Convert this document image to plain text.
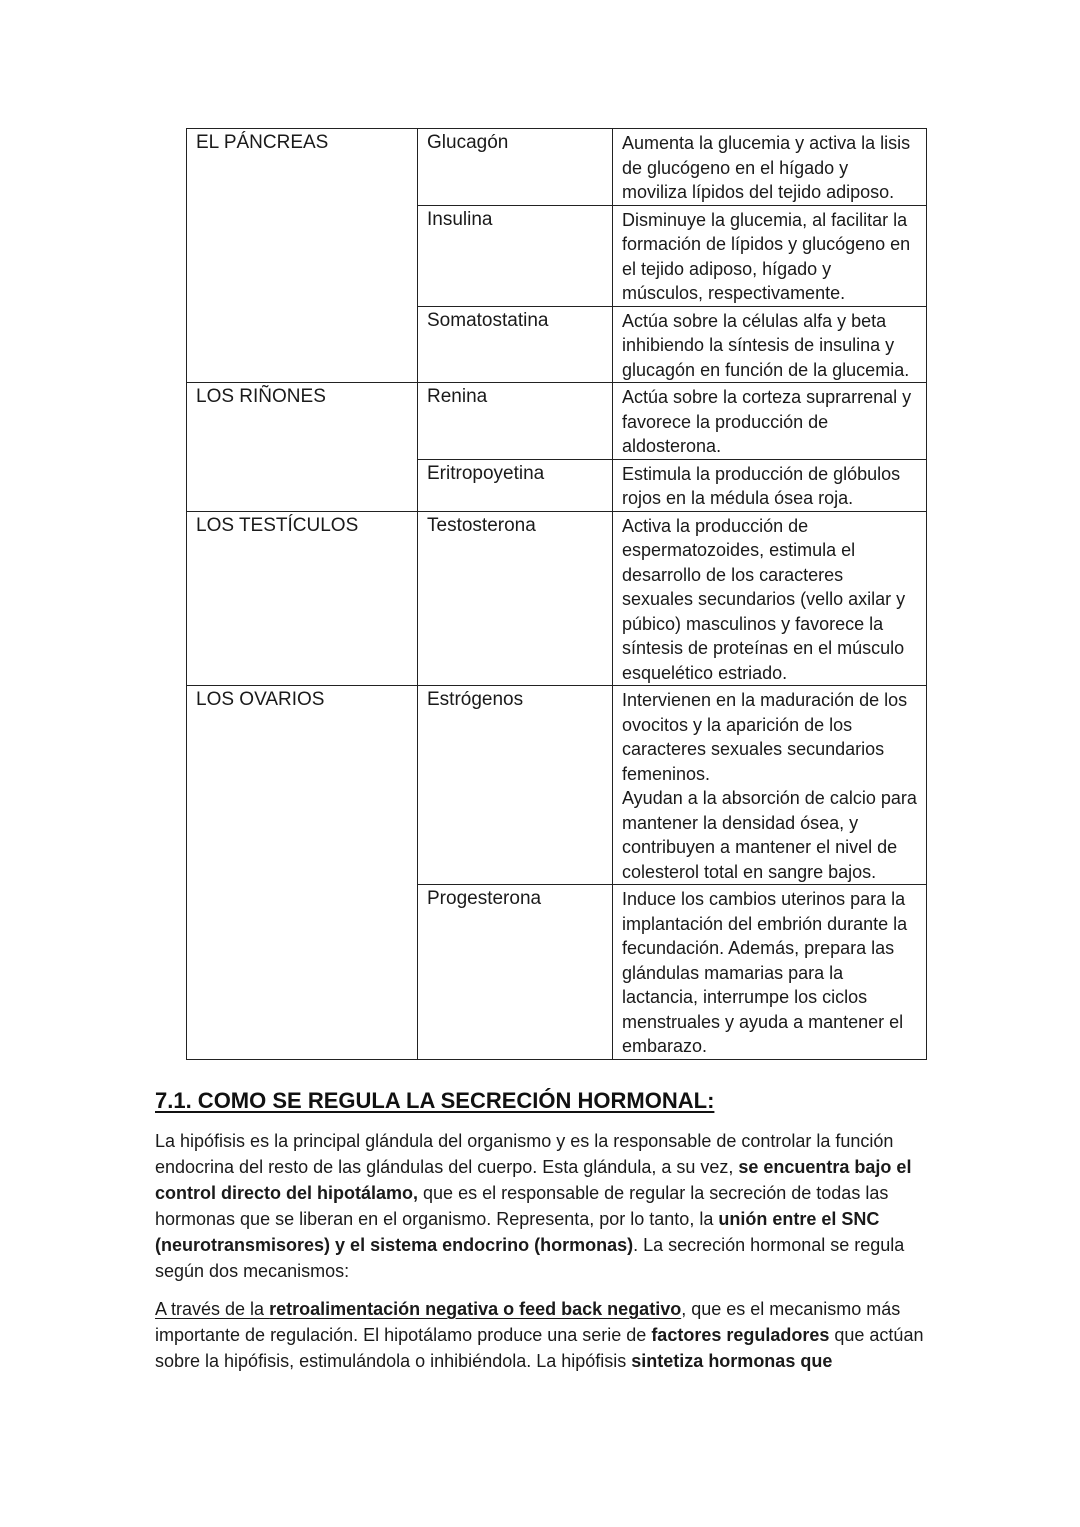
EL PÁNCREAS	Glucagón	Aumenta la glucemia y activa la lisis de glucógeno en el hígado y moviliza lípidos del tejido adiposo.
	Insulina	Disminuye la glucemia, al facilitar la formación de lípidos y glucógeno en el tejido adiposo, hígado y músculos, respectivamente.
	Somatostatina	Actúa sobre la células alfa y beta inhibiendo la síntesis de insulina y glucagón en función de la glucemia.
LOS RIÑONES	Renina	Actúa sobre la corteza suprarrenal y favorece la producción de aldosterona.
	Eritropoyetina	Estimula la producción de glóbulos rojos en la médula ósea roja.
LOS TESTÍCULOS	Testosterona	Activa la producción de espermatozoides, estimula el desarrollo de los caracteres sexuales secundarios (vello axilar y púbico) masculinos y favorece la síntesis de proteínas en el músculo esquelético estriado.
LOS OVARIOS	Estrógenos	Intervienen en la maduración de los ovocitos y la aparición de los caracteres sexuales secundarios femeninos.
Ayudan a la absorción de calcio para mantener la densidad ósea, y contribuyen a mantener el nivel de colesterol total en sangre bajos.

	Progesterona	Induce los cambios uterinos para la implantación del embrión durante la fecundación. Además, prepara las glándulas mamarias para la lactancia, interrumpe los ciclos menstruales y ayuda a mantener el embarazo.
7.1. COMO SE REGULA LA SECRECIÓN HORMONAL:

La hipófisis es la principal glándula del organismo y es la responsable de controlar la función endocrina del resto de las glándulas del cuerpo. Esta glándula, a su vez, se encuentra bajo el control directo del hipotálamo, que es el responsable de regular la secreción de todas las hormonas que se liberan en el organismo. Representa, por lo tanto, la unión entre el SNC (neurotransmisores) y el sistema endocrino (hormonas). La secreción hormonal se regula según dos mecanismos:

A través de la retroalimentación negativa o feed back negativo, que es el mecanismo más importante de regulación. El hipotálamo produce una serie de factores reguladores que actúan sobre la hipófisis, estimulándola o inhibiéndola. La hipófisis sintetiza hormonas que
